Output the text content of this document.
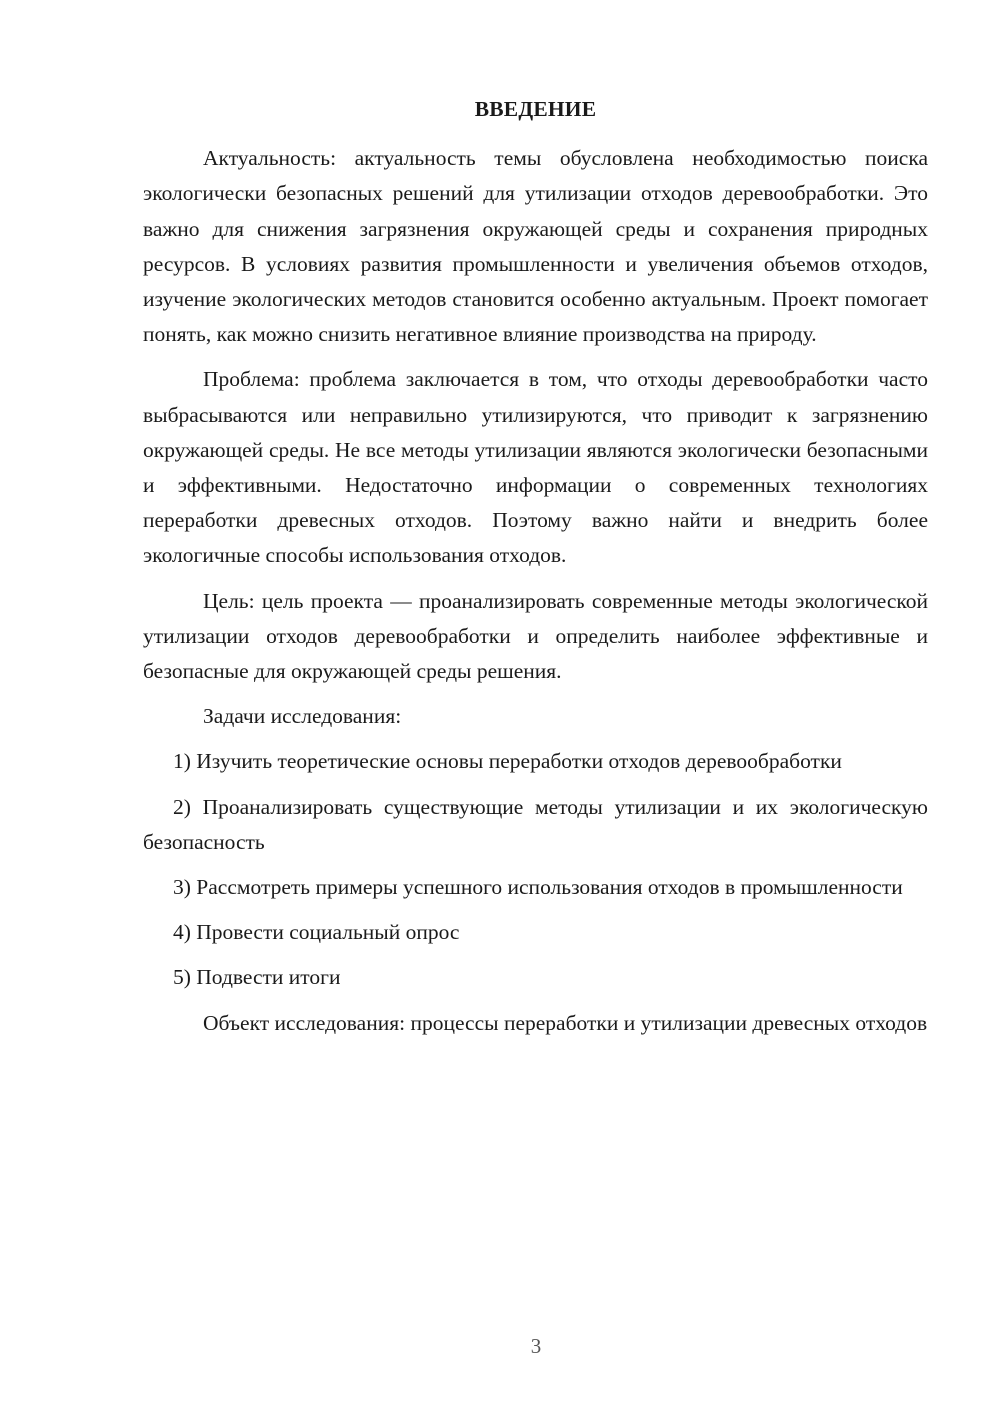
ВВЕДЕНИЕ

Актуальность: актуальность темы обусловлена необходимостью поиска экологически безопасных решений для утилизации отходов деревообработки. Это важно для снижения загрязнения окружающей среды и сохранения природных ресурсов. В условиях развития промышленности и увеличения объемов отходов, изучение экологических методов становится особенно актуальным. Проект помогает понять, как можно снизить негативное влияние производства на природу.

Проблема: проблема заключается в том, что отходы деревообработки часто выбрасываются или неправильно утилизируются, что приводит к загрязнению окружающей среды. Не все методы утилизации являются экологически безопасными и эффективными. Недостаточно информации о современных технологиях переработки древесных отходов. Поэтому важно найти и внедрить более экологичные способы использования отходов.

Цель: цель проекта — проанализировать современные методы экологической утилизации отходов деревообработки и определить наиболее эффективные и безопасные для окружающей среды решения.

Задачи исследования:

1) Изучить теоретические основы переработки отходов деревообработки

2) Проанализировать существующие методы утилизации и их экологическую безопасность

3) Рассмотреть примеры успешного использования отходов в промышленности

4) Провести социальный опрос

5) Подвести итоги

Объект исследования: процессы переработки и утилизации древесных отходов

3
